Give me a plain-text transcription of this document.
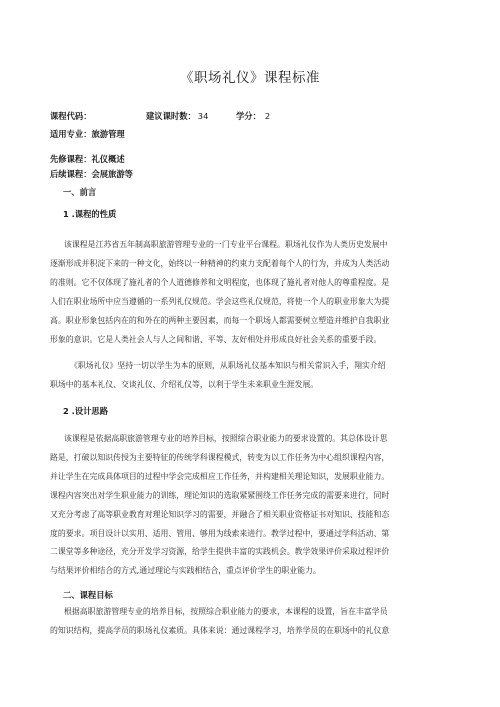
《职场礼仪》课程标准
课程代码：	建议课时数： 34	学分： 2
适用专业：旅游管理
先修课程：礼仪概述
后续课程：会展旅游等
一、前言
1 .课程的性质
该课程是江苏省五年制高职旅游管理专业的一门专业平台课程。职场礼仪作为人类历史发展中
逐渐形成并积淀下来的一种文化，始终以一种精神的约束力支配着每个人的行为，并成为人类活动
的准则。它不仅体现了施礼者的个人道德修养和文明程度，也体现了施礼者对他人的尊重程度。是
人们在职业场所中应当遵循的一系列礼仪规范。学会这些礼仪规范，将使一个人的职业形象大为提
高。职业形象包括内在的和外在的两种主要因素，而每一个职场人都需要树立塑造并维护自我职业
形象的意识。它是人类社会人与人之间和谐、平等、友好相处并形成良好社会关系的重要手段。
《职场礼仪》坚持一切以学生为本的原则，从职场礼仪基本知识与相关常识入手，翔实介绍
职场中的基本礼仪、交谈礼仪、介绍礼仪等，以利于学生未来职业生涯发展。
2 .设计思路
该课程是依据高职旅游管理专业的培养目标，按照综合职业能力的要求设置的。其总体设计思
路是，打破以知识传授为主要特征的传统学科课程模式，转变为以工作任务为中心组织课程内容，
并让学生在完成具体项目的过程中学会完成相应工作任务，并构建相关理论知识，发展职业能力。
课程内容突出对学生职业能力的训练，理论知识的选取紧紧围绕工作任务完成的需要来进行，同时
又充分考虑了高等职业教育对理论知识学习的需要，并融合了相关职业资格证书对知识、技能和态
度的要求。项目设计以实用、适用、管用、够用为线索来进行。教学过程中，要通过学科活动、第
二课堂等多种途径，充分开发学习资源，给学生提供丰富的实践机会。教学效果评价采取过程评价
与结果评价相结合的方式,通过理论与实践相结合，重点评价学生的职业能力。
二、课程目标
根据高职旅游管理专业的培养目标，按照综合职业能力的要求，本课程的设置，旨在丰富学员
的知识结构，提高学员的职场礼仪素质。具体来说：通过课程学习，培养学员的在职场中的礼仪意
